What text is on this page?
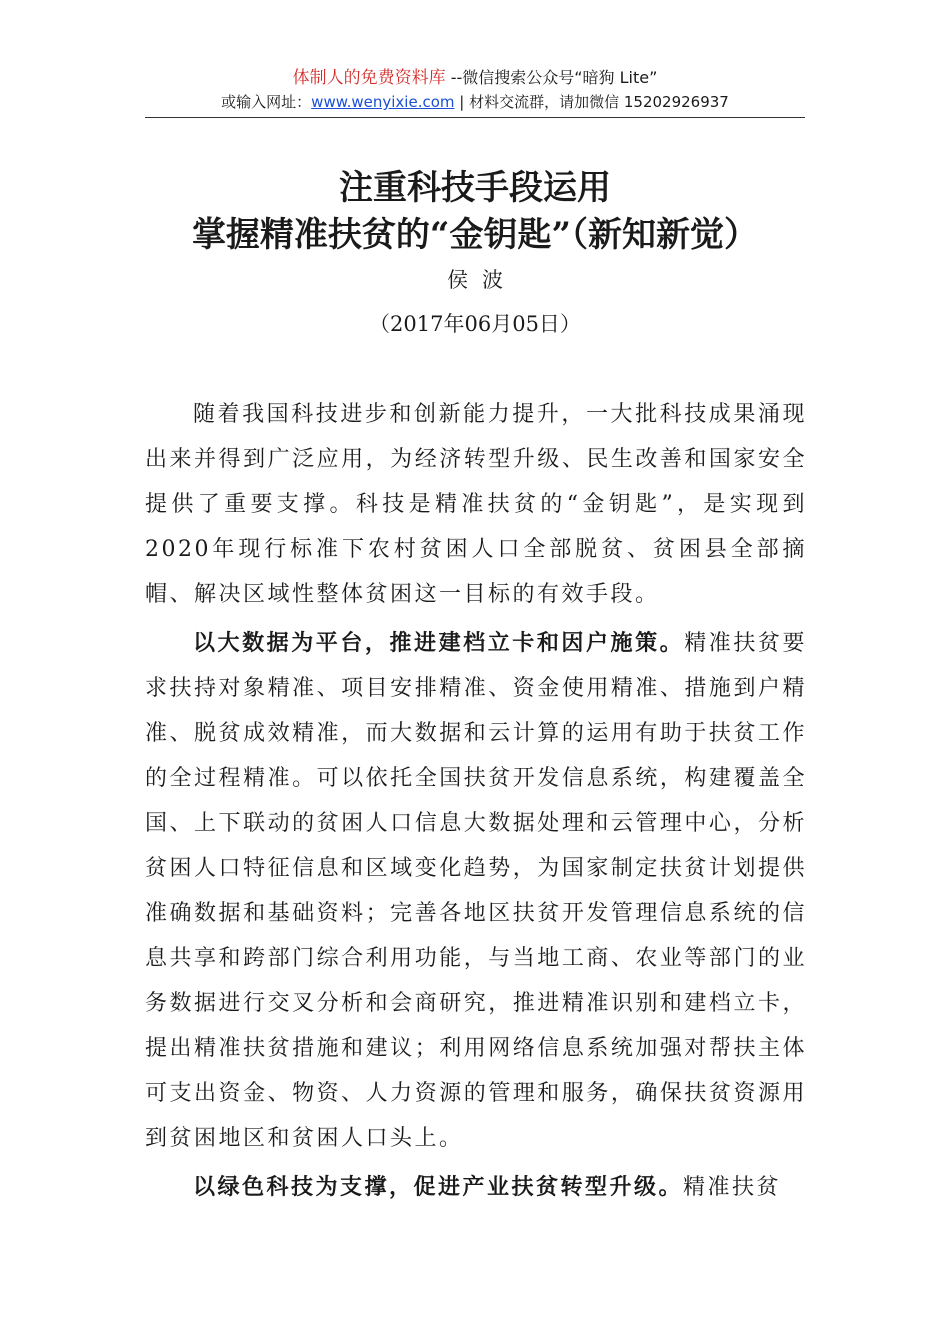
体制人的免费资料库 --微信搜索公众号“暗狗 Lite”
或输入网址：www.wenyixie.com | 材料交流群，请加微信 15202926937
注重科技手段运用
掌握精准扶贫的“金钥匙”（新知新觉）
侯波
（2017年06月05日）

随着我国科技进步和创新能力提升，一大批科技成果涌现出来并得到广泛应用，为经济转型升级、民生改善和国家安全提供了重要支撑。科技是精准扶贫的“金钥匙”，是实现到2020年现行标准下农村贫困人口全部脱贫、贫困县全部摘帽、解决区域性整体贫困这一目标的有效手段。

以大数据为平台，推进建档立卡和因户施策。精准扶贫要求扶持对象精准、项目安排精准、资金使用精准、措施到户精准、脱贫成效精准，而大数据和云计算的运用有助于扶贫工作的全过程精准。可以依托全国扶贫开发信息系统，构建覆盖全国、上下联动的贫困人口信息大数据处理和云管理中心，分析贫困人口特征信息和区域变化趋势，为国家制定扶贫计划提供准确数据和基础资料；完善各地区扶贫开发管理信息系统的信息共享和跨部门综合利用功能，与当地工商、农业等部门的业务数据进行交叉分析和会商研究，推进精准识别和建档立卡，提出精准扶贫措施和建议；利用网络信息系统加强对帮扶主体可支出资金、物资、人力资源的管理和服务，确保扶贫资源用到贫困地区和贫困人口头上。

以绿色科技为支撑，促进产业扶贫转型升级。精准扶贫
